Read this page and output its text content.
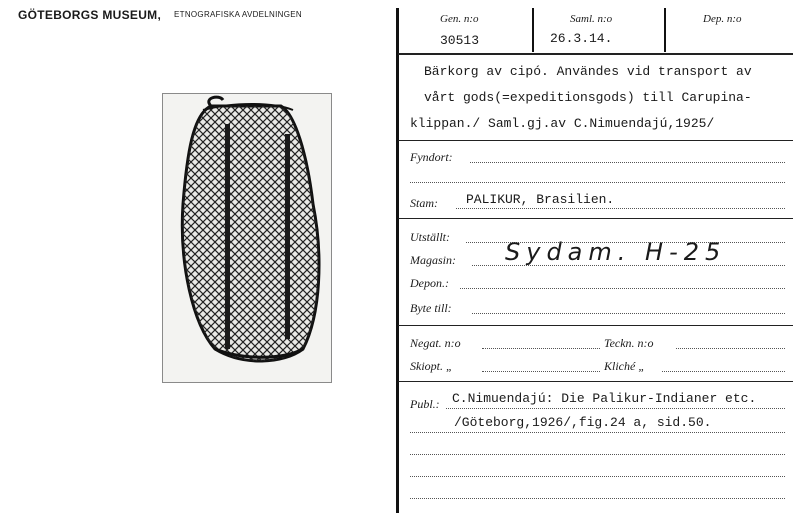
GÖTEBORGS MUSEUM, ETNOGRAFISKA AVDELNINGEN	Gen. n:o
30513
Saml. n:o
26.3.14.
Dep. n:o
Bärkorg av cipó. Användes vid transport av
vårt gods(=expeditionsgods) till Carupina-
klippan./ Saml.gj.av C.Nimuendajú,1925/
Fyndort:
Stam: PALIKUR, Brasilien.
Utställt:
Magasin: Sydam. H-25
Depon.:
Byte till:
Negat. n:o	Teckn. n:o
Skiopt. „	Kliché „
Publ.: C.Nimuendajú: Die Palikur-Indianer etc.
/Göteborg,1926/,fig.24 a, sid.50.
